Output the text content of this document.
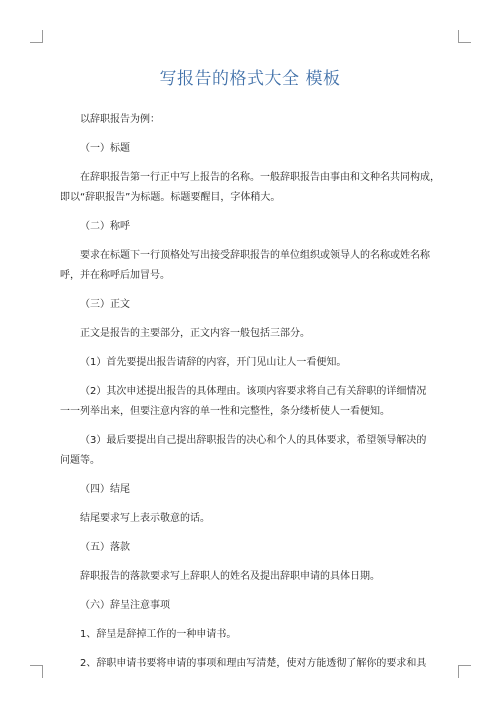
写报告的格式大全 模板

以辞职报告为例：

（一）标题

在辞职报告第一行正中写上报告的名称。一般辞职报告由事由和文种名共同构成，

即以“辞职报告”为标题。标题要醒目，字体稍大。

（二）称呼

要求在标题下一行顶格处写出接受辞职报告的单位组织或领导人的名称或姓名称

呼，并在称呼后加冒号。

（三）正文

正文是报告的主要部分，正文内容一般包括三部分。

（1）首先要提出报告请辞的内容，开门见山让人一看便知。

（2）其次申述提出报告的具体理由。该项内容要求将自己有关辞职的详细情况

一一列举出来，但要注意内容的单一性和完整性，条分缕析使人一看便知。

（3）最后要提出自己提出辞职报告的决心和个人的具体要求，希望领导解决的

问题等。

（四）结尾

结尾要求写上表示敬意的话。

（五）落款

辞职报告的落款要求写上辞职人的姓名及提出辞职申请的具体日期。

（六）辞呈注意事项

1、辞呈是辞掉工作的一种申请书。

2、辞职申请书要将申请的事项和理由写清楚，使对方能透彻了解你的要求和具
